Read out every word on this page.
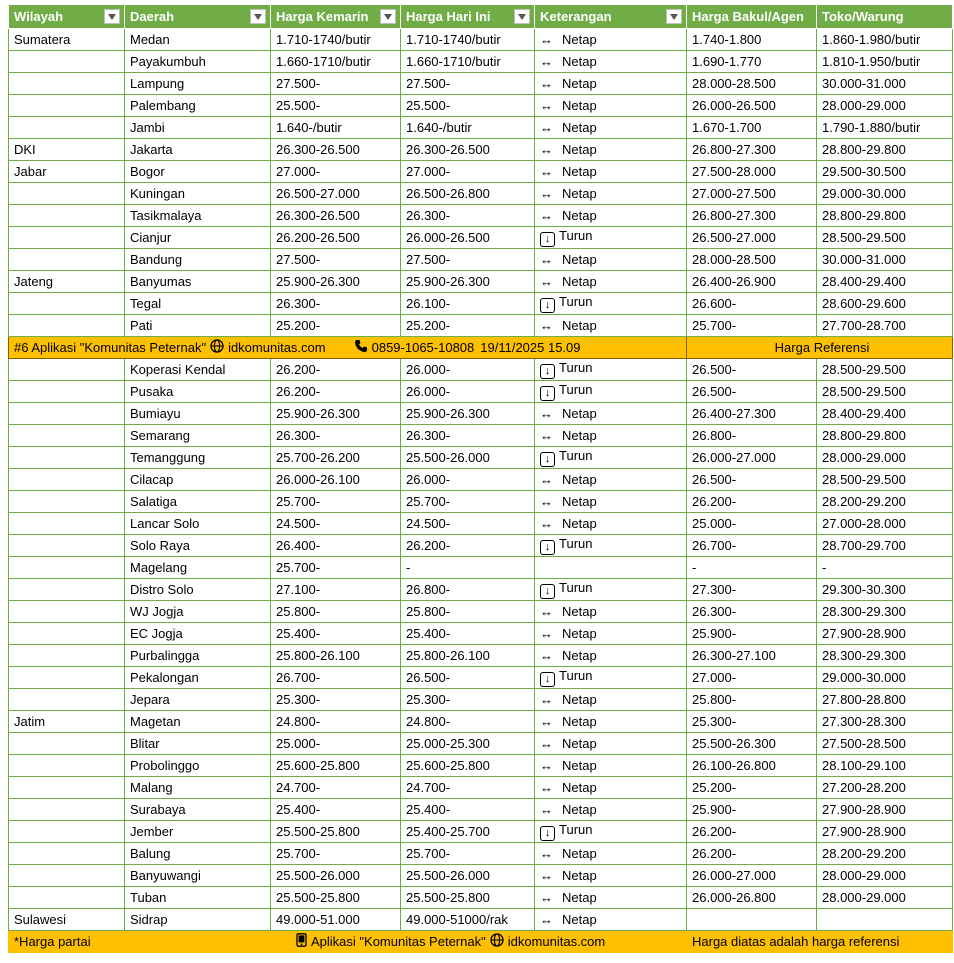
Wilayah	Daerah	Harga Kemarin	Harga Hari Ini	Keterangan	Harga Bakul/Agen	Toko/Warung
Sumatera	Medan	1.710-1740/butir	1.710-1740/butir	↔ Netap	1.740-1.800	1.860-1.980/butir
	Payakumbuh	1.660-1710/butir	1.660-1710/butir	↔ Netap	1.690-1.770	1.810-1.950/butir
	Lampung	27.500-	27.500-	↔ Netap	28.000-28.500	30.000-31.000
	Palembang	25.500-	25.500-	↔ Netap	26.000-26.500	28.000-29.000
	Jambi	1.640-/butir	1.640-/butir	↔ Netap	1.670-1.700	1.790-1.880/butir
DKI	Jakarta	26.300-26.500	26.300-26.500	↔ Netap	26.800-27.300	28.800-29.800
Jabar	Bogor	27.000-	27.000-	↔ Netap	27.500-28.000	29.500-30.500
	Kuningan	26.500-27.000	26.500-26.800	↔ Netap	27.000-27.500	29.000-30.000
	Tasikmalaya	26.300-26.500	26.300-	↔ Netap	26.800-27.300	28.800-29.800
	Cianjur	26.200-26.500	26.000-26.500	↓ Turun	26.500-27.000	28.500-29.500
	Bandung	27.500-	27.500-	↔ Netap	28.000-28.500	30.000-31.000
Jateng	Banyumas	25.900-26.300	25.900-26.300	↔ Netap	26.400-26.900	28.400-29.400
	Tegal	26.300-	26.100-	↓ Turun	26.600-	28.600-29.600
	Pati	25.200-	25.200-	↔ Netap	25.700-	27.700-28.700

#6 Aplikasi "Komunitas Peternak" idkomunitas.com 0859-1065-10808 19/11/2025 15.09					Harga Referensi	
	Koperasi Kendal	26.200-	26.000-	↓ Turun	26.500-	28.500-29.500
	Pusaka	26.200-	26.000-	↓ Turun	26.500-	28.500-29.500
	Bumiayu	25.900-26.300	25.900-26.300	↔ Netap	26.400-27.300	28.400-29.400
	Semarang	26.300-	26.300-	↔ Netap	26.800-	28.800-29.800
	Temanggung	25.700-26.200	25.500-26.000	↓ Turun	26.000-27.000	28.000-29.000
	Cilacap	26.000-26.100	26.000-	↔ Netap	26.500-	28.500-29.500
	Salatiga	25.700-	25.700-	↔ Netap	26.200-	28.200-29.200
	Lancar Solo	24.500-	24.500-	↔ Netap	25.000-	27.000-28.000
	Solo Raya	26.400-	26.200-	↓ Turun	26.700-	28.700-29.700
	Magelang	25.700-	-		-	-
	Distro Solo	27.100-	26.800-	↓ Turun	27.300-	29.300-30.300
	WJ Jogja	25.800-	25.800-	↔ Netap	26.300-	28.300-29.300
	EC Jogja	25.400-	25.400-	↔ Netap	25.900-	27.900-28.900
	Purbalingga	25.800-26.100	25.800-26.100	↔ Netap	26.300-27.100	28.300-29.300
	Pekalongan	26.700-	26.500-	↓ Turun	27.000-	29.000-30.000
	Jepara	25.300-	25.300-	↔ Netap	25.800-	27.800-28.800
Jatim	Magetan	24.800-	24.800-	↔ Netap	25.300-	27.300-28.300
	Blitar	25.000-	25.000-25.300	↔ Netap	25.500-26.300	27.500-28.500
	Probolinggo	25.600-25.800	25.600-25.800	↔ Netap	26.100-26.800	28.100-29.100
	Malang	24.700-	24.700-	↔ Netap	25.200-	27.200-28.200
	Surabaya	25.400-	25.400-	↔ Netap	25.900-	27.900-28.900
	Jember	25.500-25.800	25.400-25.700	↓ Turun	26.200-	27.900-28.900
	Balung	25.700-	25.700-	↔ Netap	26.200-	28.200-29.200
	Banyuwangi	25.500-26.000	25.500-26.000	↔ Netap	26.000-27.000	28.000-29.000
	Tuban	25.500-25.800	25.500-25.800	↔ Netap	26.000-26.800	28.000-29.000
Sulawesi	Sidrap	49.000-51.000	49.000-51000/rak	↔ Netap		
*Harga partai		Aplikasi "Komunitas Peternak" idkomunitas.com			Harga diatas adalah harga referensi	
